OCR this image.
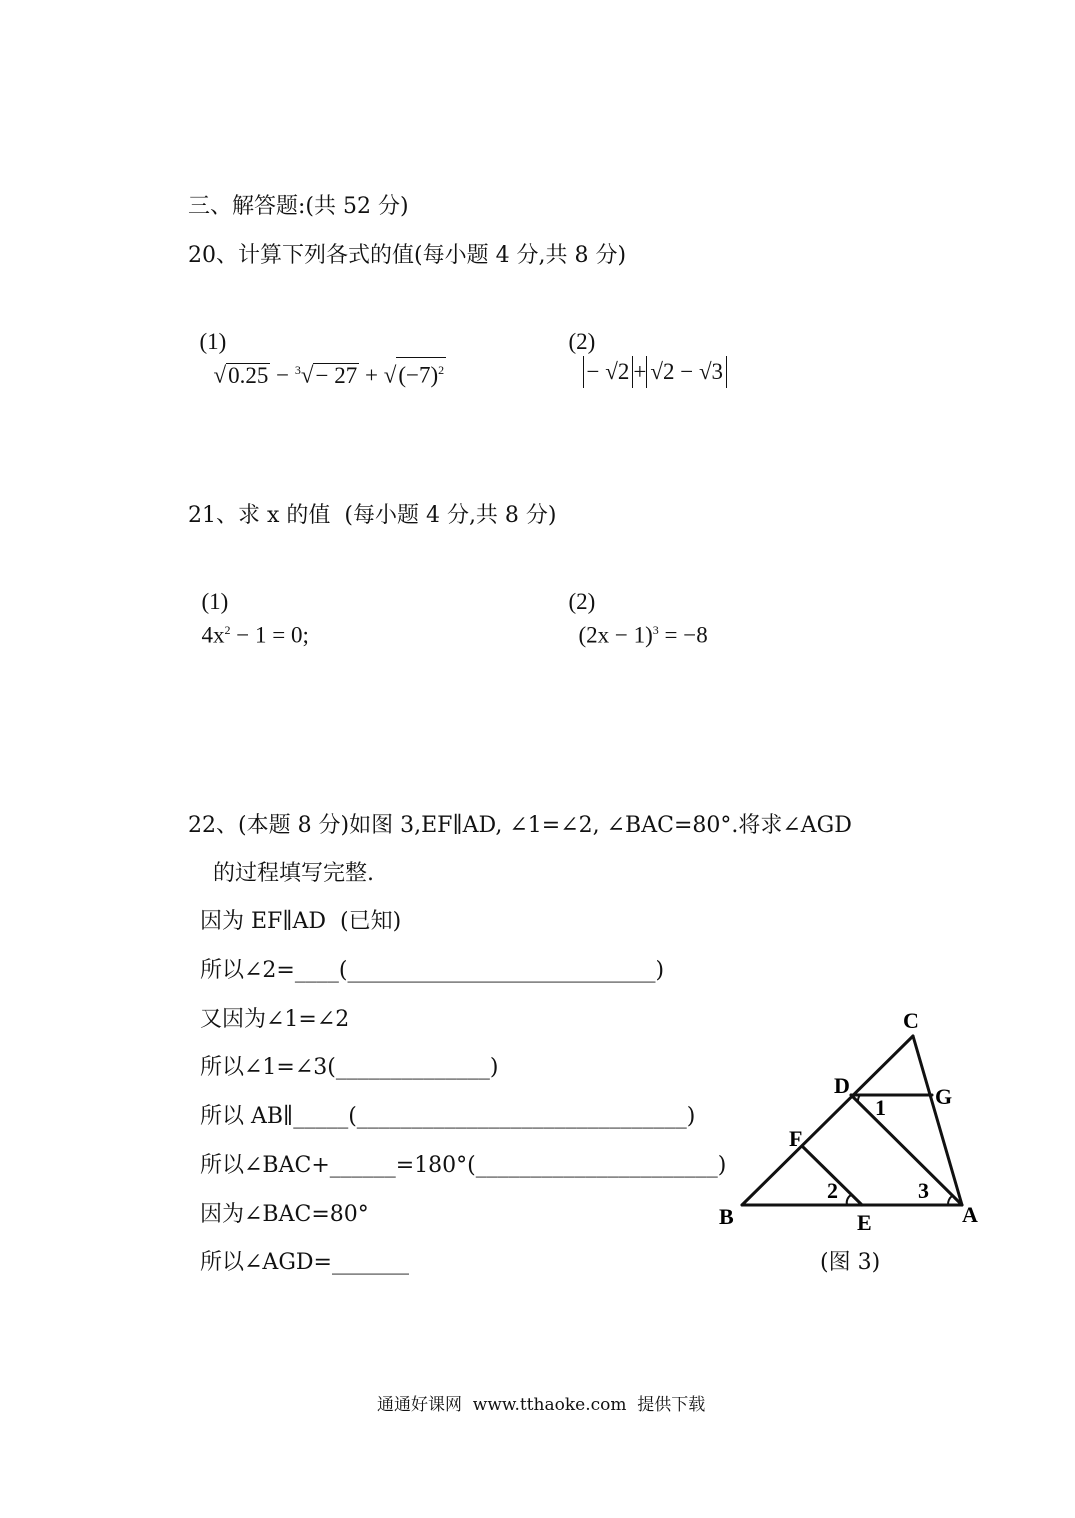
三、解答题:(共 52 分)
20、计算下列各式的值(每小题 4 分,共 8 分)

(1)
$√0.25 - ^3√- 27 + √(-7)^2$

(2)
− √2 + √2 − √3

21、求 x 的值  (每小题 4 分,共 8 分)

(1)
$4x^2 - 1 = 0$;

(2)
$(2x - 1)^3 = -8$

22、(本题 8 分)如图 3,EF∥AD, ∠1=∠2, ∠BAC=80°.将求∠AGD
的过程填写完整.
因为 EF∥AD  (已知)
所以∠2=____(____________________________)
又因为∠1=∠2
所以∠1=∠3(______________)
所以 AB∥_____(______________________________)
所以∠BAC+______=180°(______________________)
因为∠BAC=80°
所以∠AGD=_______
C
D	G
F
B	E	A
1
2	3
(图 3)
通通好课网  www.tthaoke.com  提供下载
